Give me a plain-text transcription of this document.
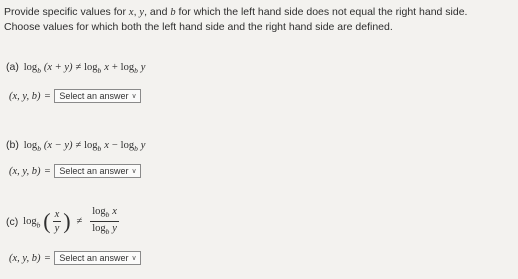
Provide specific values for x, y, and b for which the left hand side does not equal the right hand side.

Choose values for which both the left hand side and the right hand side are defined.

(a) $\log_b (x + y) \ne \log_b x + \log_b y$
(x, y, b) = Select an answer ∨
(b) $\log_b (x - y) \ne \log_b x - \log_b y$
(x, y, b) = Select an answer ∨
(c) $\log_b$ ( $\frac{x}{y}$ ) ≠ $\frac{\log_b x}{\log_b y}$
(x, y, b) = Select an answer ∨
